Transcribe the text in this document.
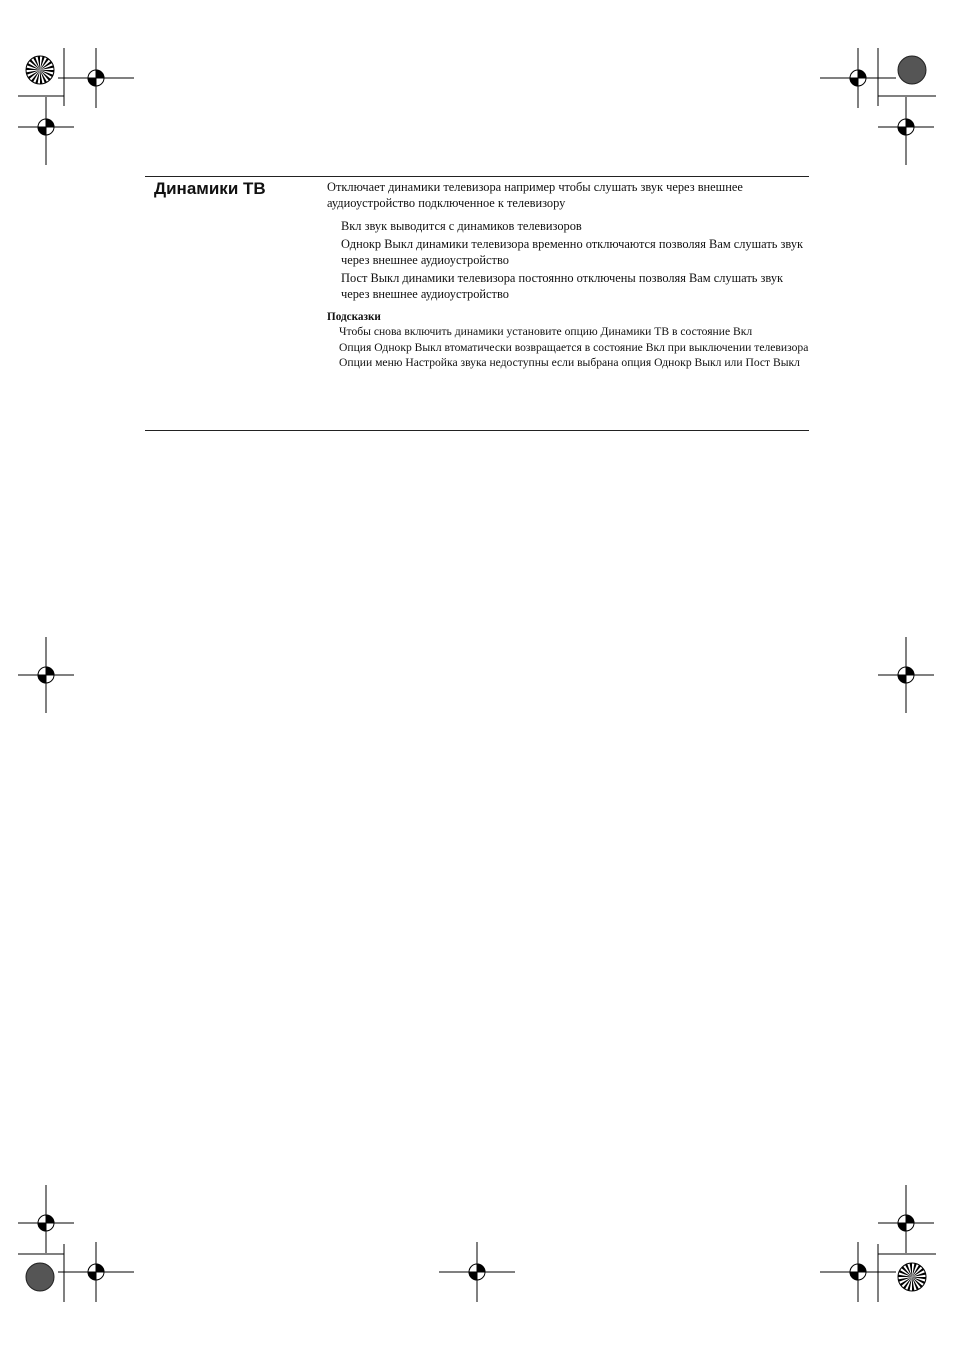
Динамики ТВ	Отключает динамики телевизора например чтобы слушать звук через внешнее аудиоустройство подключенное к телевизору

Вкл звук выводится с динамиков телевизоров

Однокр Выкл динамики телевизора временно отключаются позволяя Вам слушать звук через внешнее аудиоустройство

Пост Выкл динамики телевизора постоянно отключены позволяя Вам слушать звук через внешнее аудиоустройство

Подсказки

Чтобы снова включить динамики установите опцию Динамики ТВ в состояние Вкл

Опция Однокр Выкл втоматически возвращается в состояние Вкл при выключении телевизора

Опции меню Настройка звука недоступны если выбрана опция Однокр Выкл или Пост Выкл
